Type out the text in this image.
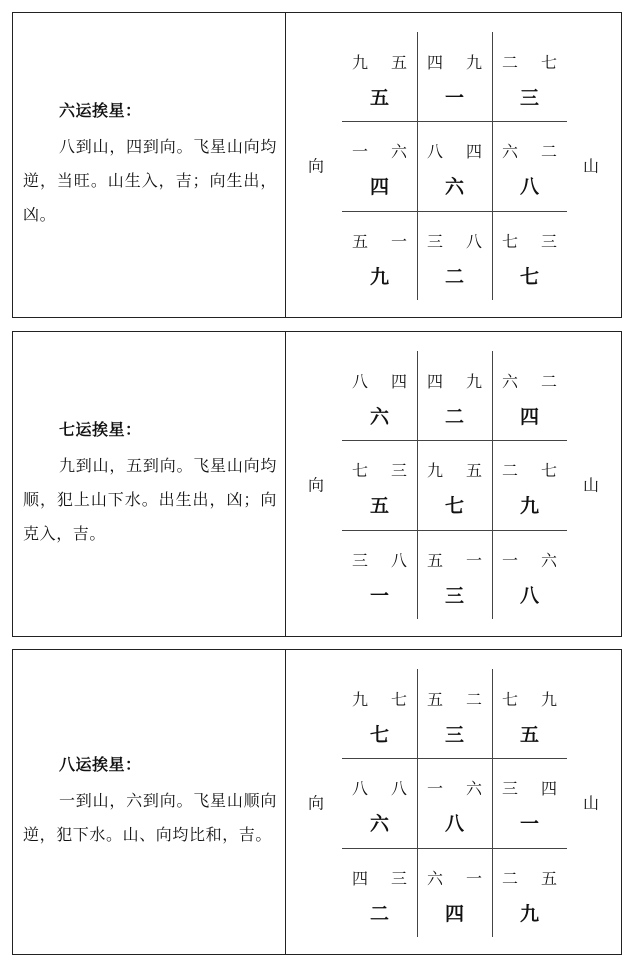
六运挨星：
八到山，四到向。飞星山向均逆，当旺。山生入，吉；向生出，凶。
向
九 五
五
四 九
一
二 七
三
一 六
四
八 四
六
六 二
八
五 一
九
三 八
二
七 三
七
山
七运挨星：
九到山，五到向。飞星山向均顺，犯上山下水。出生出，凶；向克入，吉。
向
八 四
六
四 九
二
六 二
四
七 三
五
九 五
七
二 七
九
三 八
一
五 一
三
一 六
八
山
八运挨星：
一到山，六到向。飞星山顺向逆，犯下水。山、向均比和，吉。
向
九 七
七
五 二
三
七 九
五
八 八
六
一 六
八
三 四
一
四 三
二
六 一
四
二 五
九
山
